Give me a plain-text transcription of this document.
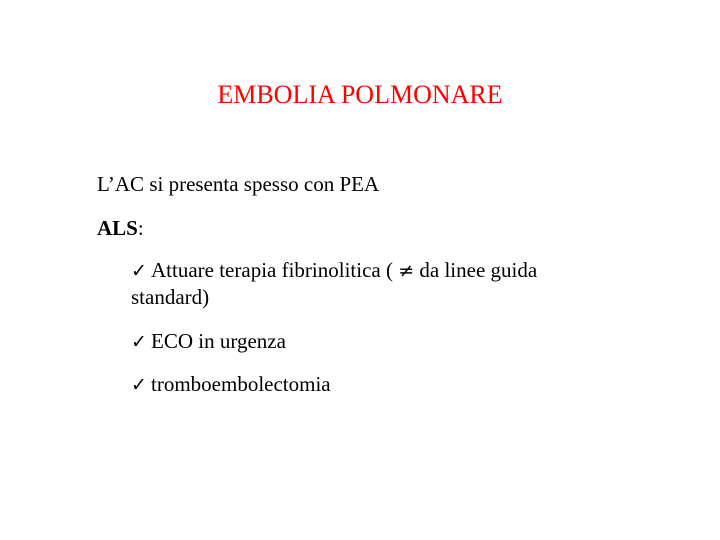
EMBOLIA POLMONARE
L’AC si presenta spesso con PEA
ALS:
✓ Attuare terapia fibrinolitica ( ≠ da linee guida
standard)
✓ ECO in urgenza
✓ tromboembolectomia
